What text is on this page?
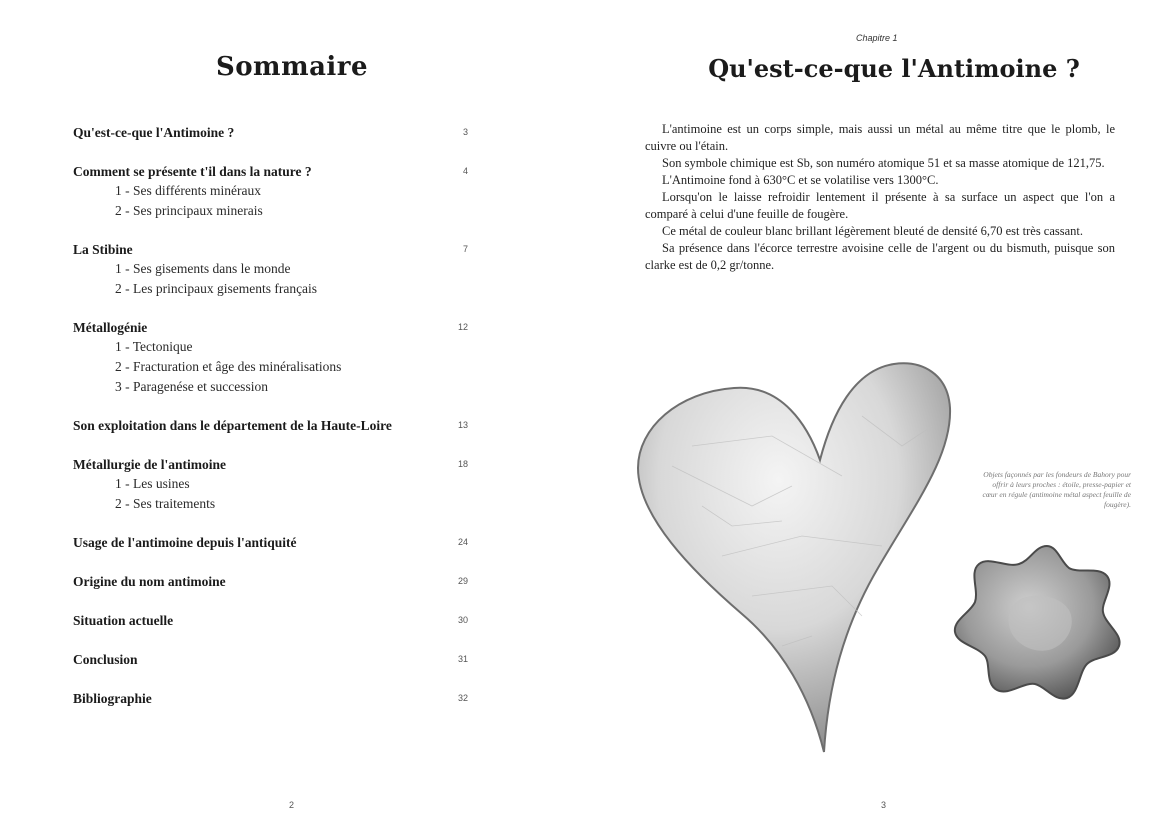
Sommaire
Qu'est-ce-que l'Antimoine ?	3
Comment se présente t'il dans la nature ?	4
1 - Ses différents minéraux
2 - Ses principaux minerais
La Stibine	7
1 - Ses gisements dans le monde
2 - Les principaux gisements français
Métallogénie	12
1 - Tectonique
2 - Fracturation et âge des minéralisations
3 - Paragenése et succession
Son exploitation dans le département de la Haute-Loire	13
Métallurgie de l'antimoine	18
1 - Les usines
2 - Ses traitements
Usage de l'antimoine depuis l'antiquité	24
Origine du nom antimoine	29
Situation actuelle	30
Conclusion	31
Bibliographie	32
2
Chapitre 1
Qu'est-ce-que l'Antimoine ?

L'antimoine est un corps simple, mais aussi un métal au même titre que le plomb, le cuivre ou l'étain.

Son symbole chimique est Sb, son numéro atomique 51 et sa masse atomique de 121,75.

L'Antimoine fond à 630°C et se volatilise vers 1300°C.

Lorsqu'on le laisse refroidir lentement il présente à sa surface un aspect que l'on a comparé à celui d'une feuille de fougère.

Ce métal de couleur blanc brillant légèrement bleuté de densité 6,70 est très cassant.

Sa présence dans l'écorce terrestre avoisine celle de l'argent ou du bismuth, puisque son clarke est de 0,2 gr/tonne.

Objets façonnés par les fondeurs de Bahory pour offrir à leurs proches : étoile, presse-papier et cœur en régule (antimoine métal aspect feuille de fougère).
3
